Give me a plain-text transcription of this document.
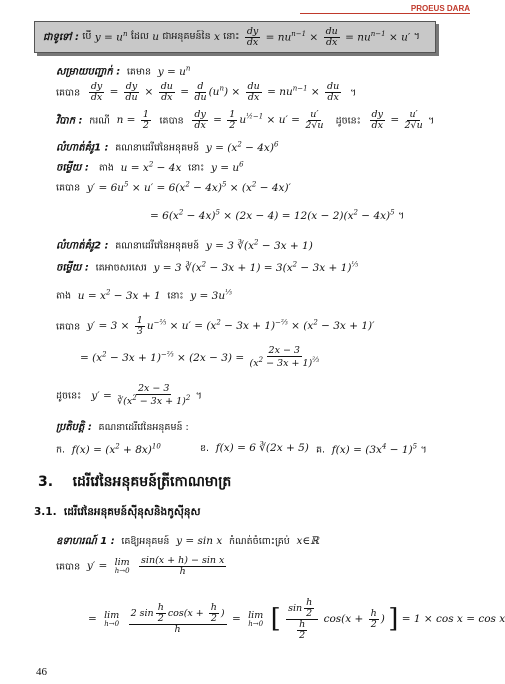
PROEUS DARA
ជាទូទៅ :
បើ
$y = u^n$
ដែល
u
ជាអនុគមន៍នៃ
x
នោះ
$\frac{dy}{dx} = nu^{n-1} \times \frac{du}{dx} = nu^{n-1} \times u'$
។
សម្រាយបញ្ជាក់ : គេមាន $y = u^n$
គេបាន $\frac{dy}{dx} = \frac{dy}{du} \times \frac{du}{dx} = \frac{d}{du} (u^n) \times \frac{du}{dx} = nu^{n-1} \times \frac{du}{dx}$ ។
វិបាក : ករណី $n = \frac{1}{2}$ គេបាន $\frac{dy}{dx} = \frac{1}{2} u^{\frac{1}{2}-1} \times u' = \frac{u'}{2√u}$ ដូចនេះ $\frac{dy}{dx} = \frac{u'}{2√u}$ ។
លំហាត់គំរូ1 : គណនាដេរីវេនៃអនុគមន៍ $y = (x^2 - 4x)^6$
ចម្លើយ : តាង $u = x^2 - 4x$ នោះ $y = u^6$
គេបាន $y' = 6u^5 \times u' = 6(x^2 - 4x)^5 \times (x^2 - 4x)'$
= $6(x^2 - 4x)^5 \times (2x - 4) = 12(x - 2)(x^2 - 4x)^5$ ។
លំហាត់គំរូ2 : គណនាដេរីវេនៃអនុគមន៍ y = 3 $∛(x^2 - 3x + 1)$
ចម្លើយ : គេអាចសរសេរ y = 3 $∛(x^2 - 3x + 1) = 3(x^2 - 3x + 1)^{\frac{1}{3}}$
តាង $u = x^2 - 3x + 1$ នោះ $y = 3u^{\frac{1}{3}}$
គេបាន $y' = 3 \times \frac{1}{3} u^{-\frac{2}{3}} \times u' = (x^2 - 3x + 1)^{-\frac{2}{3}} \times (x^2 - 3x + 1)'$
= $(x^2 - 3x + 1)^{-\frac{2}{3}} \times (2x - 3) = \frac{2x - 3}{(x^2 - 3x + 1)^{\frac{2}{3}}}$
ដូចនេះ $y' = \frac{2x - 3}{∛(x^2 - 3x + 1)^2}$ ។
ប្រតិបត្តិ : គណនាដេរីវេនៃអនុគមន៍ :
ក. $f(x) = (x^2 + 8x)^{10}$	ខ. f(x) = 6 ∛(2x + 5) គ. $f(x) = (3x^4 - 1)^5$ ។
3. ដេរីវេនៃអនុគមន៍ត្រីកោណមាត្រ
3.1. ដេរីវេនៃអនុគមន៍ស៊ីនុសនិងកូស៊ីនុស
ឧទាហរណ៍ 1 : គេឱ្យអនុគមន៍ y = sin x កំណត់ចំពោះគ្រប់ x∈ℝ
គេបាន y′ = lim
h→0
$\frac{\text{sin(x + h) − sin x}}{h}$
= lim
h→0
$\frac{2 \sin \frac{h}{2} \cos(x + \frac{h}{2} )}{h} = \lim$
h→0 [ $\frac{\sin \frac{h}{2}}{\frac{h}{2}} \cos(x + \frac{h}{2}$ ) ] = 1 × cos x = cos x
46
